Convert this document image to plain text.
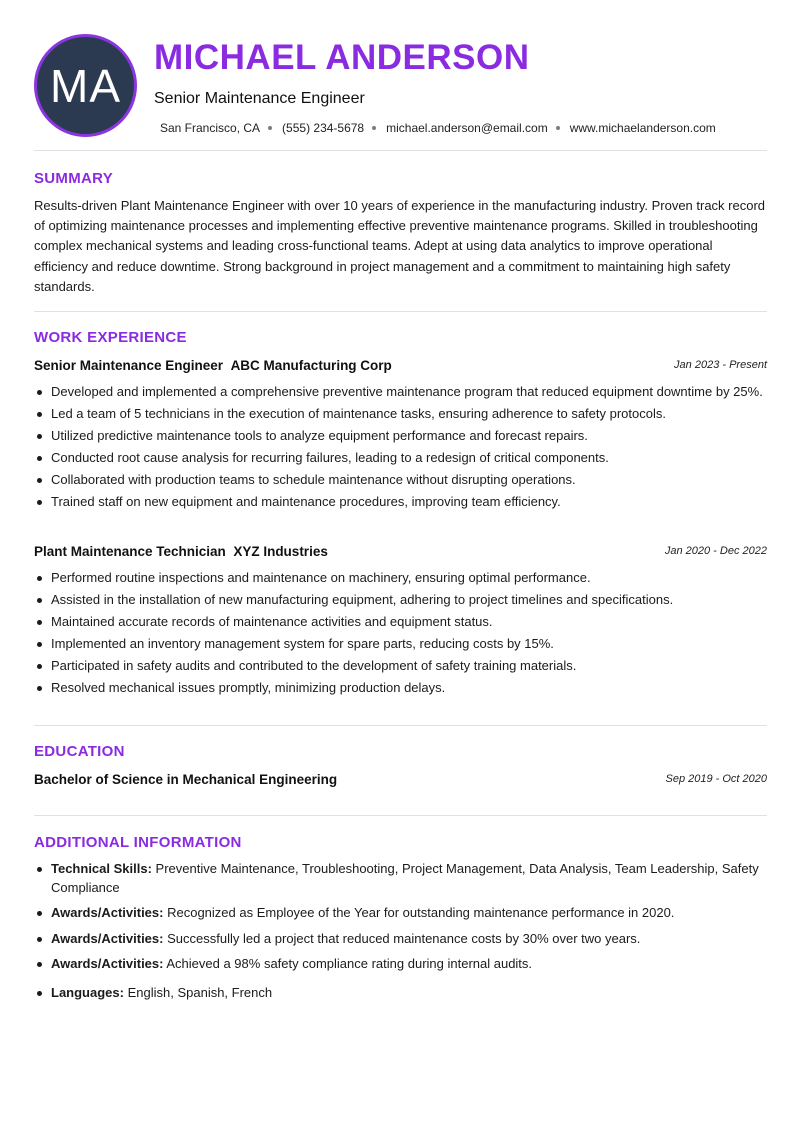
MA
MICHAEL ANDERSON
Senior Maintenance Engineer
San Francisco, CA (555) 234-5678 michael.anderson@email.com www.michaelanderson.com
SUMMARY
Results-driven Plant Maintenance Engineer with over 10 years of experience in the manufacturing industry. Proven track record of optimizing maintenance processes and implementing effective preventive maintenance programs. Skilled in troubleshooting complex mechanical systems and leading cross-functional teams. Adept at using data analytics to improve operational efficiency and reduce downtime. Strong background in project management and a commitment to maintaining high safety standards.
WORK EXPERIENCE
Senior Maintenance Engineer ABC Manufacturing Corp	Jan 2023 - Present
Developed and implemented a comprehensive preventive maintenance program that reduced equipment downtime by 25%.
Led a team of 5 technicians in the execution of maintenance tasks, ensuring adherence to safety protocols.
Utilized predictive maintenance tools to analyze equipment performance and forecast repairs.
Conducted root cause analysis for recurring failures, leading to a redesign of critical components.
Collaborated with production teams to schedule maintenance without disrupting operations.
Trained staff on new equipment and maintenance procedures, improving team efficiency.
Plant Maintenance Technician XYZ Industries	Jan 2020 - Dec 2022
Performed routine inspections and maintenance on machinery, ensuring optimal performance.
Assisted in the installation of new manufacturing equipment, adhering to project timelines and specifications.
Maintained accurate records of maintenance activities and equipment status.
Implemented an inventory management system for spare parts, reducing costs by 15%.
Participated in safety audits and contributed to the development of safety training materials.
Resolved mechanical issues promptly, minimizing production delays.
EDUCATION
Bachelor of Science in Mechanical Engineering	Sep 2019 - Oct 2020
ADDITIONAL INFORMATION
Technical Skills: Preventive Maintenance, Troubleshooting, Project Management, Data Analysis, Team Leadership, Safety Compliance
Awards/Activities: Recognized as Employee of the Year for outstanding maintenance performance in 2020.
Awards/Activities: Successfully led a project that reduced maintenance costs by 30% over two years.
Awards/Activities: Achieved a 98% safety compliance rating during internal audits.
Languages: English, Spanish, French
